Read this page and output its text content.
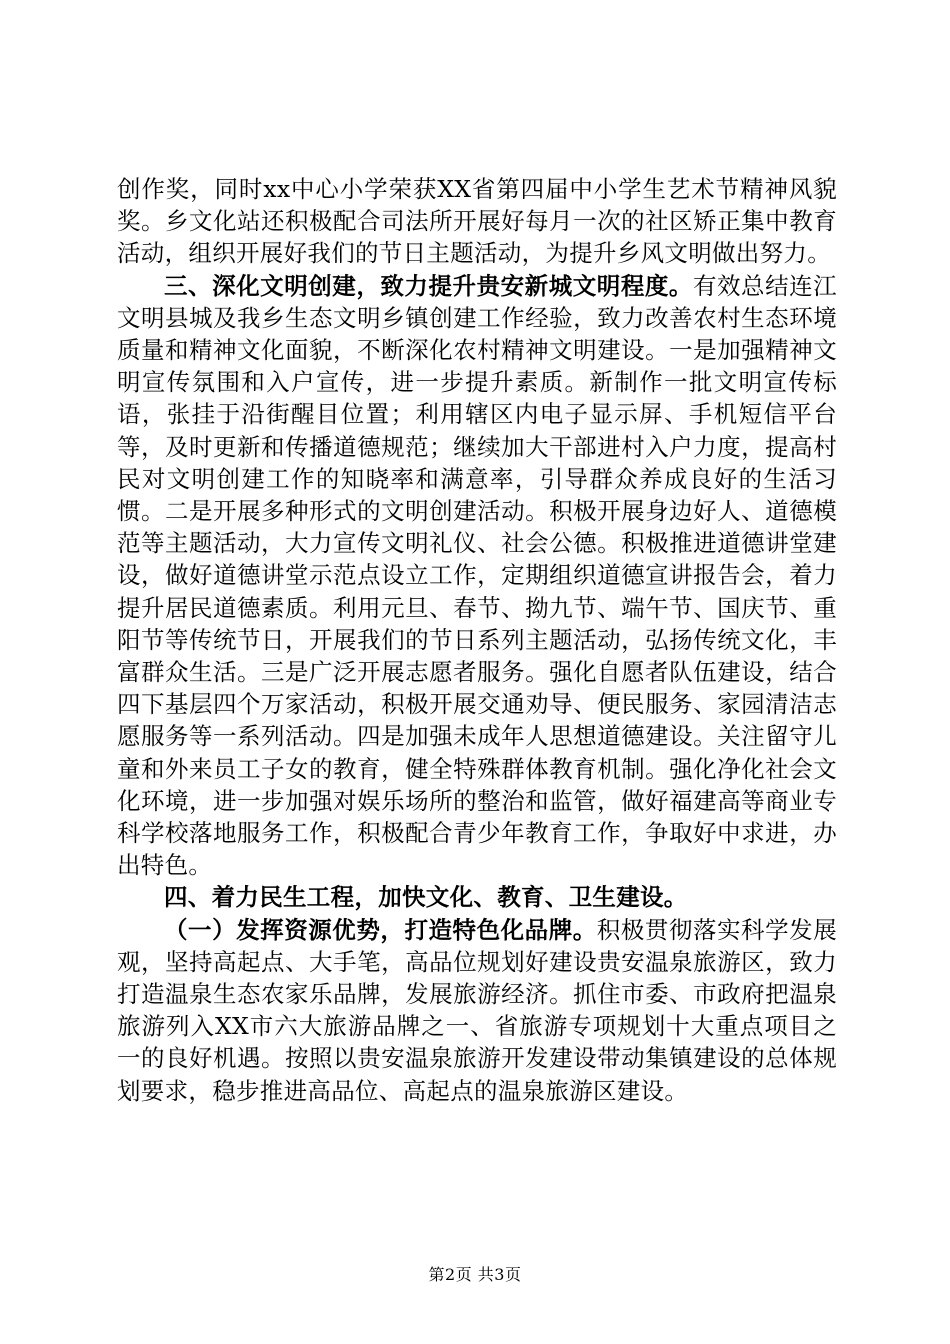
创作奖，同时xx中心小学荣获XX省第四届中小学生艺术节精神风貌奖。乡文化站还积极配合司法所开展好每月一次的社区矫正集中教育活动，组织开展好我们的节日主题活动，为提升乡风文明做出努力。

三、深化文明创建，致力提升贵安新城文明程度。有效总结连江文明县城及我乡生态文明乡镇创建工作经验，致力改善农村生态环境质量和精神文化面貌，不断深化农村精神文明建设。一是加强精神文明宣传氛围和入户宣传，进一步提升素质。新制作一批文明宣传标语，张挂于沿街醒目位置；利用辖区内电子显示屏、手机短信平台等，及时更新和传播道德规范；继续加大干部进村入户力度，提高村民对文明创建工作的知晓率和满意率，引导群众养成良好的生活习惯。二是开展多种形式的文明创建活动。积极开展身边好人、道德模范等主题活动，大力宣传文明礼仪、社会公德。积极推进道德讲堂建设，做好道德讲堂示范点设立工作，定期组织道德宣讲报告会，着力提升居民道德素质。利用元旦、春节、拗九节、端午节、国庆节、重阳节等传统节日，开展我们的节日系列主题活动，弘扬传统文化，丰富群众生活。三是广泛开展志愿者服务。强化自愿者队伍建设，结合四下基层四个万家活动，积极开展交通劝导、便民服务、家园清洁志愿服务等一系列活动。四是加强未成年人思想道德建设。关注留守儿童和外来员工子女的教育，健全特殊群体教育机制。强化净化社会文化环境，进一步加强对娱乐场所的整治和监管，做好福建高等商业专科学校落地服务工作，积极配合青少年教育工作，争取好中求进，办出特色。

四、着力民生工程，加快文化、教育、卫生建设。

（一）发挥资源优势，打造特色化品牌。积极贯彻落实科学发展观，坚持高起点、大手笔，高品位规划好建设贵安温泉旅游区，致力打造温泉生态农家乐品牌，发展旅游经济。抓住市委、市政府把温泉旅游列入XX市六大旅游品牌之一、省旅游专项规划十大重点项目之一的良好机遇。按照以贵安温泉旅游开发建设带动集镇建设的总体规划要求，稳步推进高品位、高起点的温泉旅游区建设。

第2页 共3页
